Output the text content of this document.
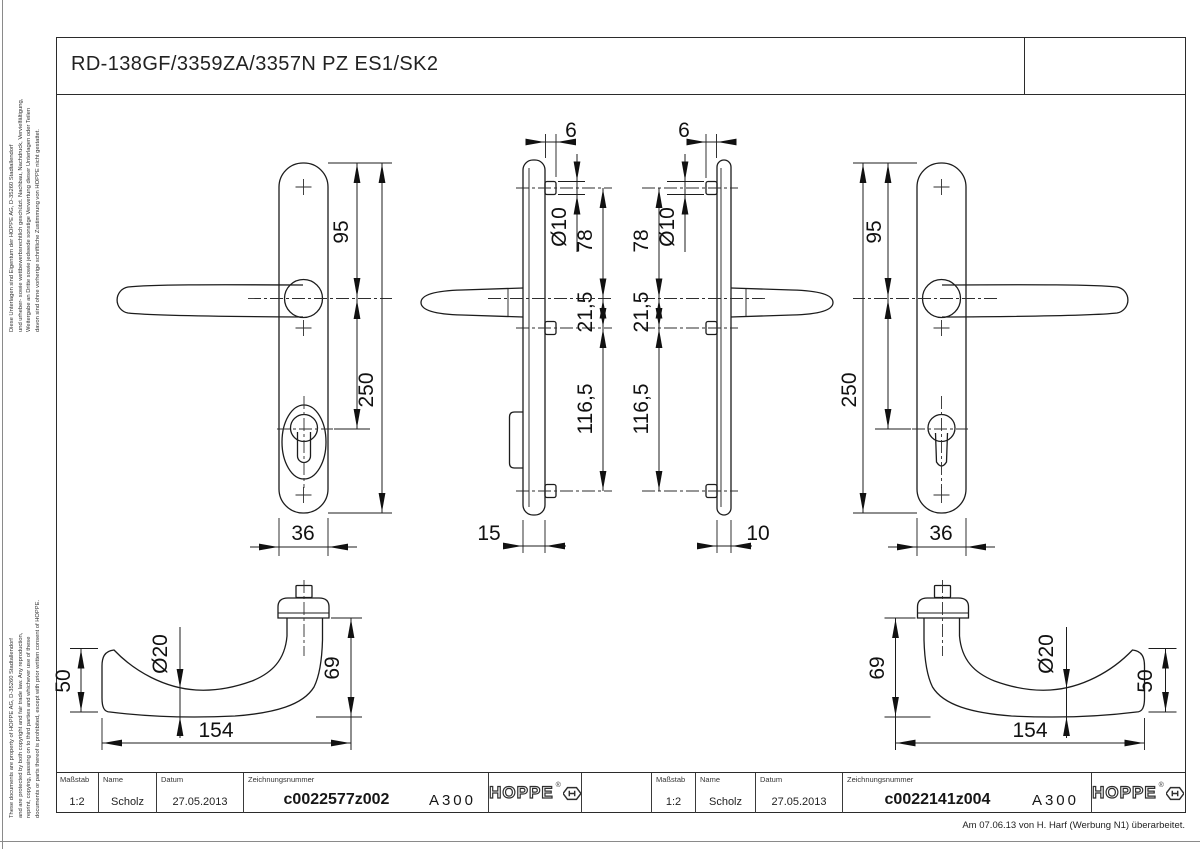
Diese Unterlagen sind Eigentum der HOPPE AG, D-35260 Stadtallendorf und urheber- sowie wettbewerbsrechtlich geschützt. Nachbau, Nachdruck, Vervielfältigung, Weitergabe an Dritte sowie jedwede sonstige Verwertung dieser Unterlagen oder Teilen davon sind ohne vorherige schriftliche Zustimmung von HOPPE nicht gestattet.
These documents are property of HOPPE AG, D-35260 Stadtallendorf and are protected by both copyright and fair trade law. Any reproduction, reprint, copying, passing on to third parties and whichever use of these documents or parts thereof is prohibited, except with prior written consent of HOPPE.
RD-138GF/3359ZA/3357N PZ ES1/SK2
95
250
36
95
250
36
6
Ø10 78
21,5
116,5
15
6
Ø10
78
21,5
116,5
10
50
Ø20	69
154
69	Ø20
50
154
Maßstab
1:2
Name
Scholz
Datum
27.05.2013
Zeichnungsnummer
c0022577z002	A300 HOPPE ®
Maßstab
1:2
Name
Scholz
Datum
27.05.2013
Zeichnungsnummer
c0022141z004	A300 HOPPE ®
Am 07.06.13 von H. Harf (Werbung N1) überarbeitet.
